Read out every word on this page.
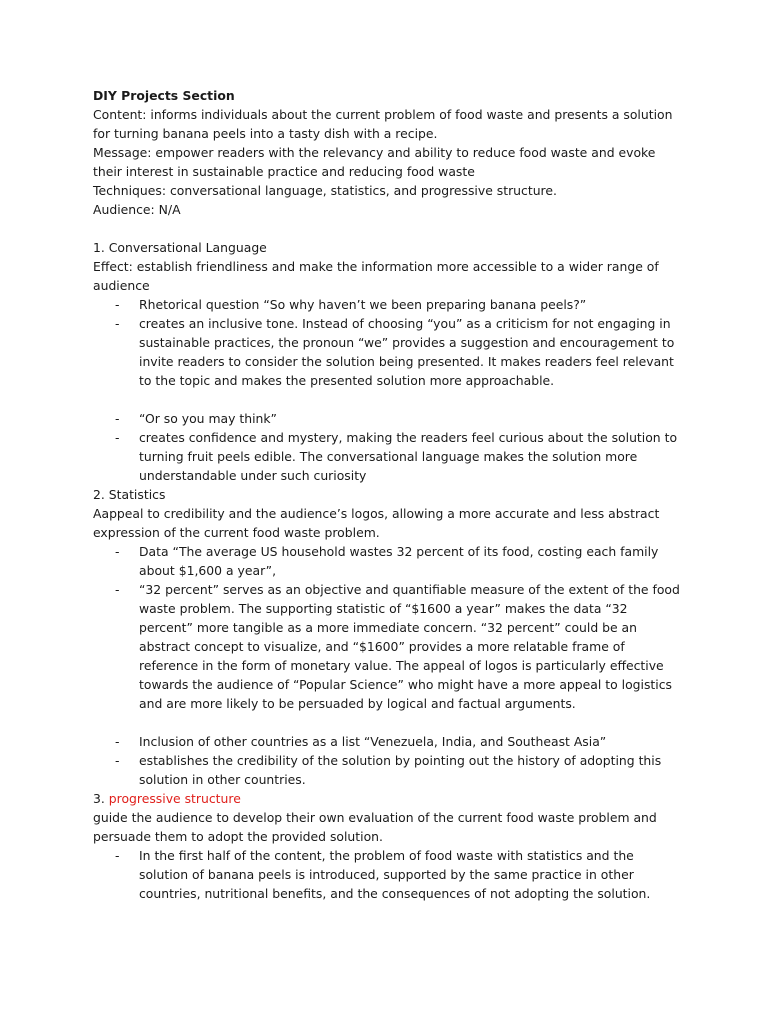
DIY Projects Section

Content: informs individuals about the current problem of food waste and presents a solution for turning banana peels into a tasty dish with a recipe.

Message: empower readers with the relevancy and ability to reduce food waste and evoke their interest in sustainable practice and reducing food waste

Techniques: conversational language, statistics, and progressive structure.

Audience: N/A

1. Conversational Language

Effect: establish friendliness and make the information more accessible to a wider range of audience

- Rhetorical question “So why haven’t we been preparing banana peels?”
- creates an inclusive tone. Instead of choosing “you” as a criticism for not engaging in sustainable practices, the pronoun “we” provides a suggestion and encouragement to invite readers to consider the solution being presented. It makes readers feel relevant to the topic and makes the presented solution more approachable.
- “Or so you may think”
- creates confidence and mystery, making the readers feel curious about the solution to turning fruit peels edible. The conversational language makes the solution more understandable under such curiosity

2. Statistics

Aappeal to credibility and the audience’s logos, allowing a more accurate and less abstract expression of the current food waste problem.

- Data “The average US household wastes 32 percent of its food, costing each family about $1,600 a year”,
- “32 percent” serves as an objective and quantifiable measure of the extent of the food waste problem. The supporting statistic of “$1600 a year” makes the data “32 percent” more tangible as a more immediate concern. “32 percent” could be an abstract concept to visualize, and “$1600” provides a more relatable frame of reference in the form of monetary value. The appeal of logos is particularly effective towards the audience of “Popular Science” who might have a more appeal to logistics and are more likely to be persuaded by logical and factual arguments.
- Inclusion of other countries as a list “Venezuela, India, and Southeast Asia”
- establishes the credibility of the solution by pointing out the history of adopting this solution in other countries.

3. progressive structure

guide the audience to develop their own evaluation of the current food waste problem and persuade them to adopt the provided solution.

- In the first half of the content, the problem of food waste with statistics and the solution of banana peels is introduced, supported by the same practice in other countries, nutritional benefits, and the consequences of not adopting the solution.
